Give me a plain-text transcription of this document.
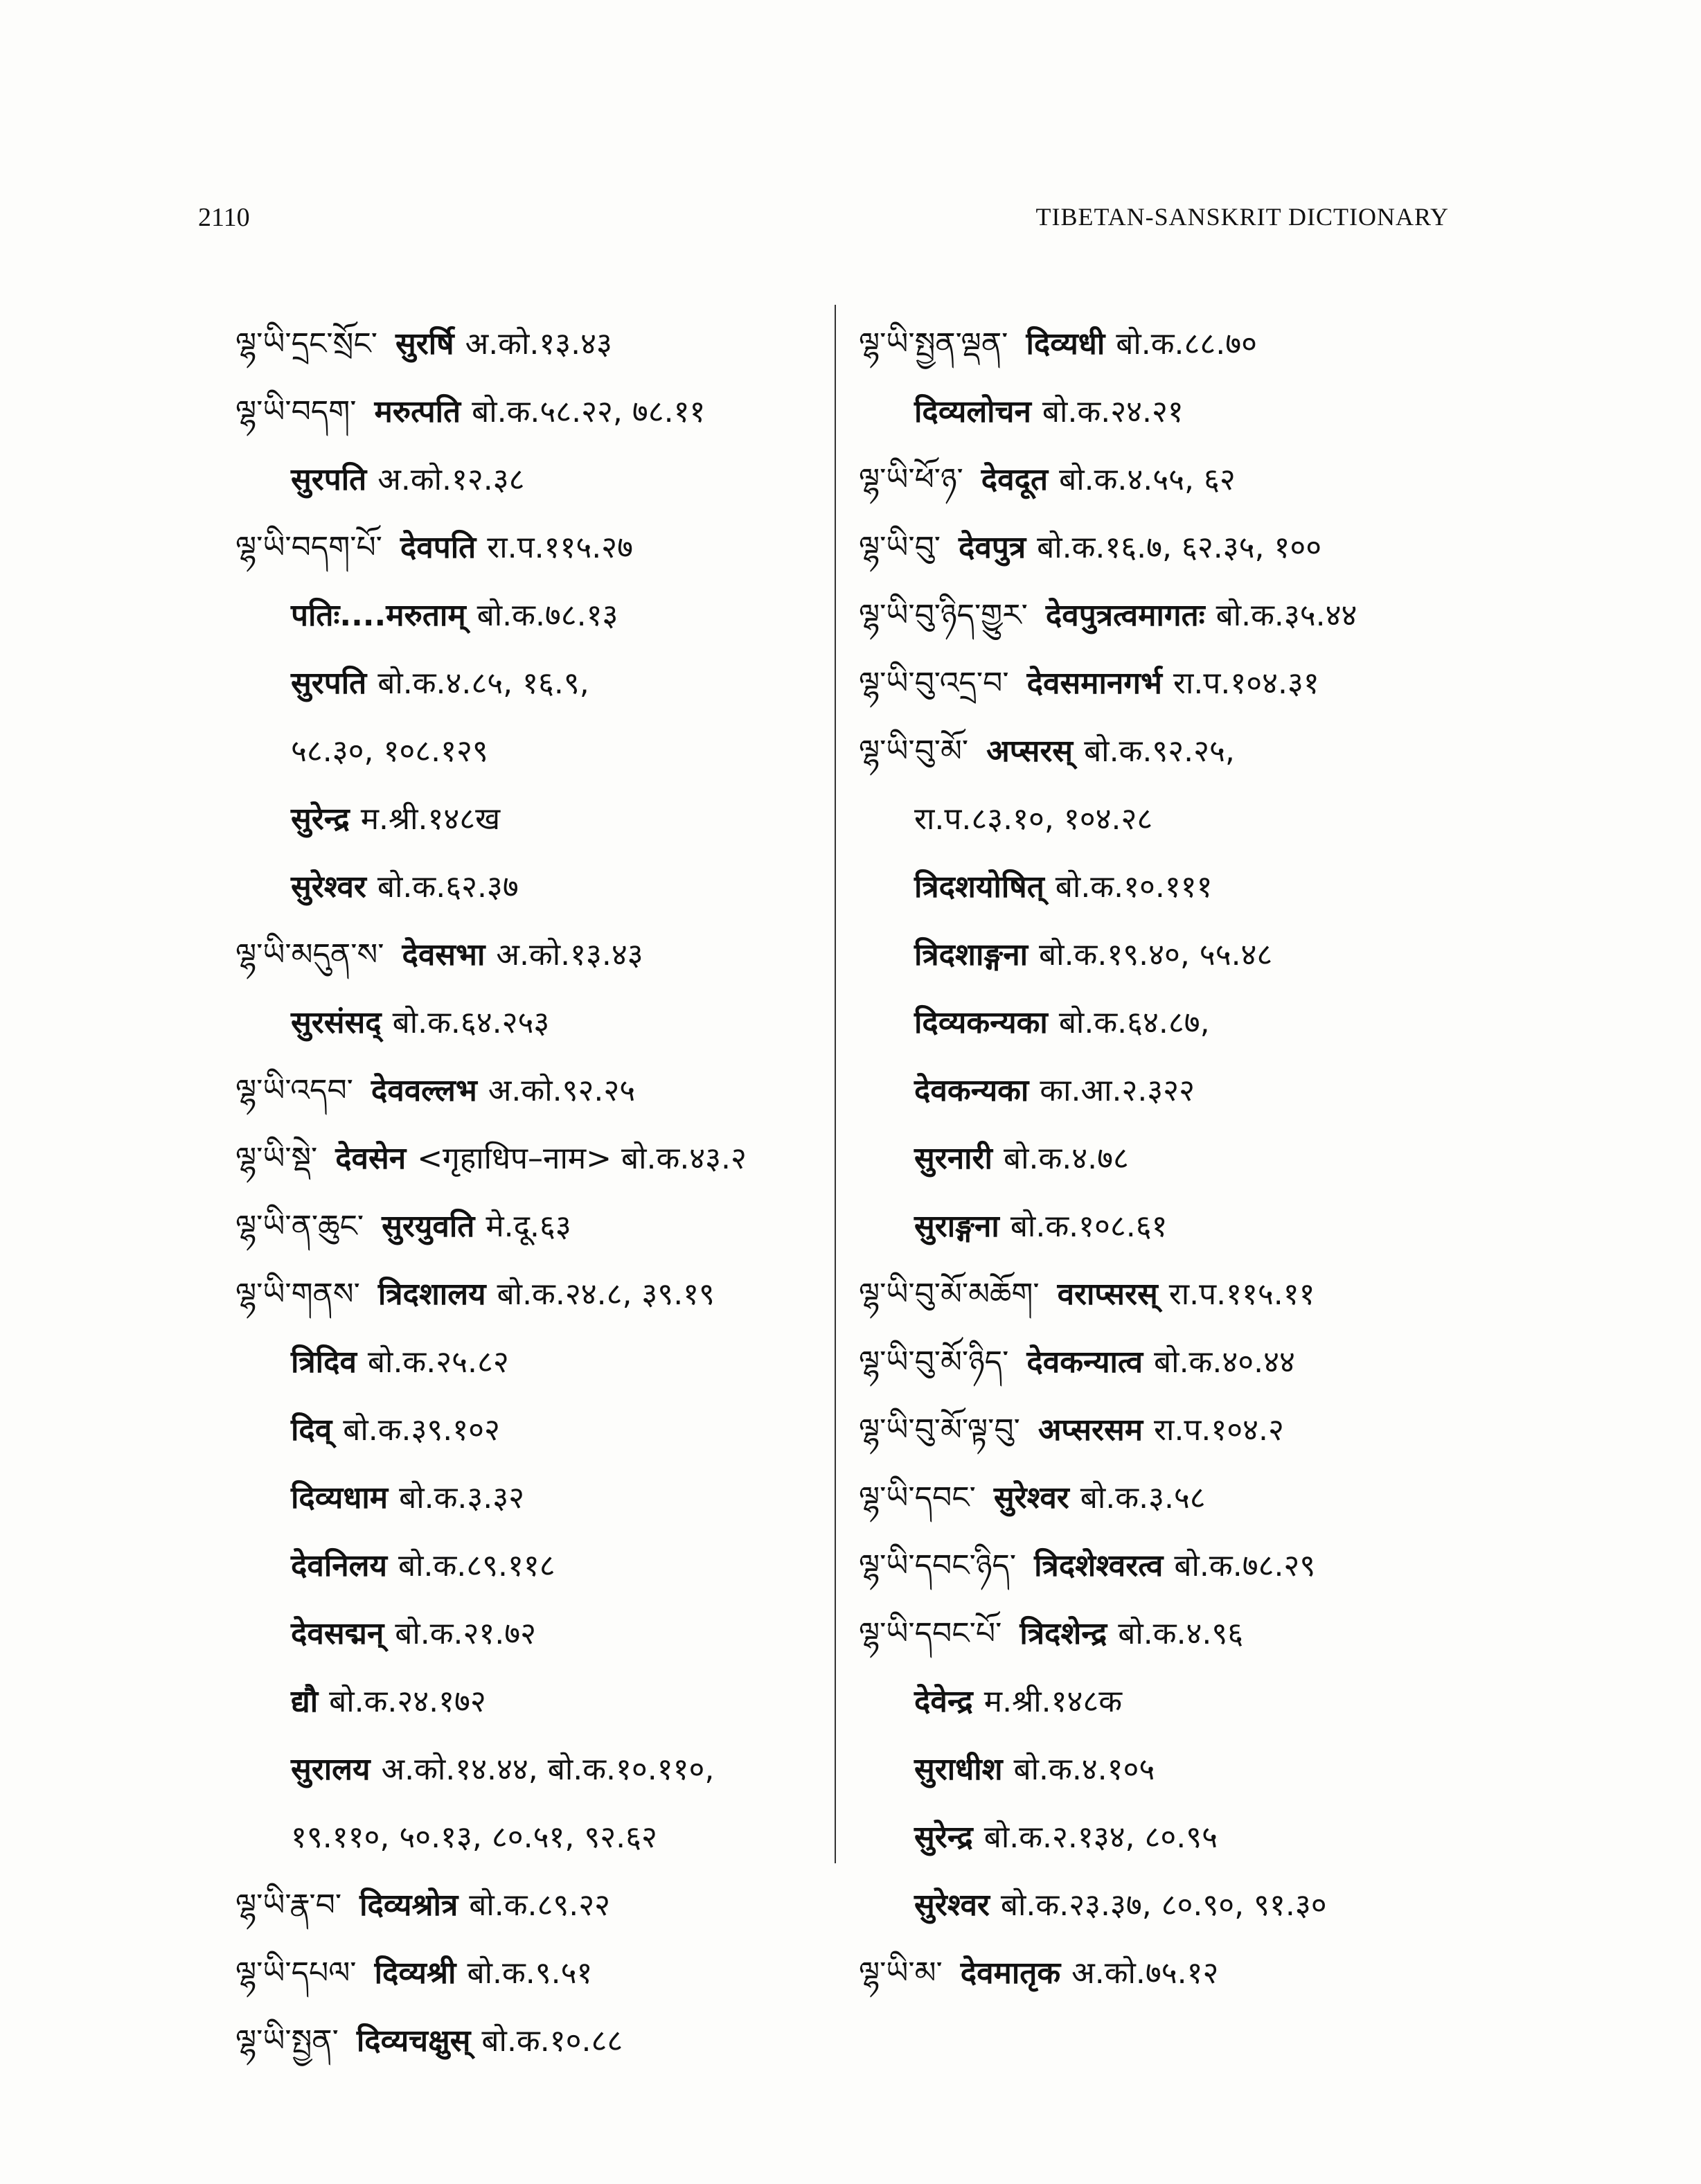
2110	TIBETAN-SANSKRIT DICTIONARY
ལྷ་ཡི་དྲང་སྲོང་ सुरर्षि अ.को.१३.४३
ལྷ་ཡི་བདག་ मरुत्पति बो.क.५८.२२, ७८.११
सुरपति अ.को.१२.३८
ལྷ་ཡི་བདག་པོ་ देवपति रा.प.११५.२७
पतिः....मरुताम् बो.क.७८.१३
सुरपति बो.क.४.८५, १६.९,
५८.३०, १०८.१२९
सुरेन्द्र म.श्री.१४८ख
सुरेश्वर बो.क.६२.३७
ལྷ་ཡི་མདུན་ས་ देवसभा अ.को.१३.४३
सुरसंसद् बो.क.६४.२५३
ལྷ་ཡི་འདབ་ देववल्लभ अ.को.९२.२५
ལྷ་ཡི་སྡེ་ देवसेन <गृहाधिप–नाम> बो.क.४३.२
ལྷ་ཡི་ན་ཆུང་ सुरयुवति मे.दू.६३
ལྷ་ཡི་གནས་ त्रिदशालय बो.क.२४.८, ३९.१९
त्रिदिव बो.क.२५.८२
दिव् बो.क.३९.१०२
दिव्यधाम बो.क.३.३२
देवनिलय बो.क.८९.११८
देवसद्मन् बो.क.२१.७२
द्यौ बो.क.२४.१७२
सुरालय अ.को.१४.४४, बो.क.१०.११०,
१९.११०, ५०.१३, ८०.५१, ९२.६२
ལྷ་ཡི་རྣ་བ་ दिव्यश्रोत्र बो.क.८९.२२
ལྷ་ཡི་དཔལ་ दिव्यश्री बो.क.९.५१
ལྷ་ཡི་སྤྱན་ दिव्यचक्षुस् बो.क.१०.८८
ལྷ་ཡི་སྤྱན་ལྡན་ दिव्यधी बो.क.८८.७०
दिव्यलोचन बो.क.२४.२१
ལྷ་ཡི་ཕོ་ཉ་ देवदूत बो.क.४.५५, ६२
ལྷ་ཡི་བུ་ देवपुत्र बो.क.१६.७, ६२.३५, १००
ལྷ་ཡི་བུ་ཉིད་གྱུར་ देवपुत्रत्वमागतः बो.क.३५.४४
ལྷ་ཡི་བུ་འདྲ་བ་ देवसमानगर्भ रा.प.१०४.३१
ལྷ་ཡི་བུ་མོ་ अप्सरस् बो.क.९२.२५,
रा.प.८३.१०, १०४.२८
त्रिदशयोषित् बो.क.१०.१११
त्रिदशाङ्गना बो.क.१९.४०, ५५.४८
दिव्यकन्यका बो.क.६४.८७,
देवकन्यका का.आ.२.३२२
सुरनारी बो.क.४.७८
सुराङ्गना बो.क.१०८.६१
ལྷ་ཡི་བུ་མོ་མཆོག་ वराप्सरस् रा.प.११५.११
ལྷ་ཡི་བུ་མོ་ཉིད་ देवकन्यात्व बो.क.४०.४४
ལྷ་ཡི་བུ་མོ་ལྟ་བུ་ अप्सरसम रा.प.१०४.२
ལྷ་ཡི་དབང་ सुरेश्वर बो.क.३.५८
ལྷ་ཡི་དབང་ཉིད་ त्रिदशेश्वरत्व बो.क.७८.२९
ལྷ་ཡི་དབང་པོ་ त्रिदशेन्द्र बो.क.४.९६
देवेन्द्र म.श्री.१४८क
सुराधीश बो.क.४.१०५
सुरेन्द्र बो.क.२.१३४, ८०.९५
सुरेश्वर बो.क.२३.३७, ८०.९०, ९१.३०
ལྷ་ཡི་མ་ देवमातृक अ.को.७५.१२
